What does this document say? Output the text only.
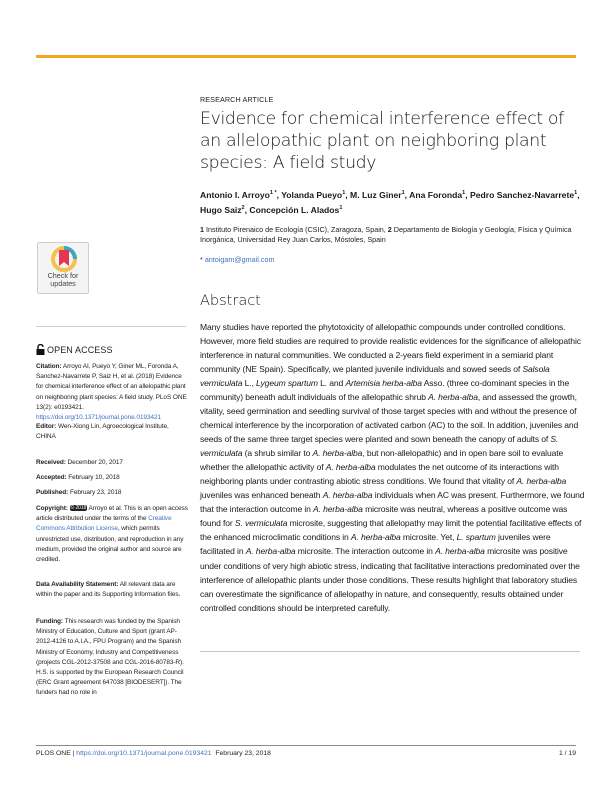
Check for
updates
OPEN ACCESS
Citation: Arroyo AI, Pueyo Y, Giner ML, Foronda A, Sanchez-Navarrete P, Saiz H, et al. (2018) Evidence for chemical interference effect of an allelopathic plant on neighboring plant species: A field study. PLoS ONE 13(2): e0193421. https://doi.org/10.1371/journal.pone.0193421
Editor: Wen-Xiong Lin, Agroecological Institute, CHINA
Received: December 20, 2017
Accepted: February 10, 2018
Published: February 23, 2018
Copyright: © 2018 Arroyo et al. This is an open access article distributed under the terms of the Creative Commons Attribution License, which permits unrestricted use, distribution, and reproduction in any medium, provided the original author and source are credited.
Data Availability Statement: All relevant data are within the paper and its Supporting Information files.
Funding: This research was funded by the Spanish Ministry of Education, Culture and Sport (grant AP-2012-4126 to A.I.A., FPU Program) and the Spanish Ministry of Economy, Industry and Competitiveness (projects CGL-2012-37508 and CGL-2016-80783-R). H.S. is supported by the European Research Council (ERC Grant agreement 647038 [BIODESERT]). The funders had no role in

RESEARCH ARTICLE

Evidence for chemical interference effect of an allelopathic plant on neighboring plant species: A field study
Antonio I. Arroyo$^1$ *, Yolanda Pueyo$^1$, M. Luz Giner$^1$, Ana Foronda$^1$, Pedro Sanchez-Navarrete$^1$, Hugo Saiz$^2$, Concepción L. Alados$^1$
1 Instituto Pirenaico de Ecología (CSIC), Zaragoza, Spain, 2 Departamento de Biología y Geología, Física y Química Inorgánica, Universidad Rey Juan Carlos, Móstoles, Spain
* antoigam@gmail.com
Abstract
Many studies have reported the phytotoxicity of allelopathic compounds under controlled conditions. However, more field studies are required to provide realistic evidences for the significance of allelopathic interference in natural communities. We conducted a 2-years field experiment in a semiarid plant community (NE Spain). Specifically, we planted juvenile individuals and sowed seeds of Salsola vermiculata L., Lygeum spartum L. and Artemisia herba-alba Asso. (three co-dominant species in the community) beneath adult individuals of the allelopathic shrub A. herba-alba, and assessed the growth, vitality, seed germination and seedling survival of those target species with and without the presence of chemical interference by the incorporation of activated carbon (AC) to the soil. In addition, juveniles and seeds of the same three target species were planted and sown beneath the canopy of adults of S. vermiculata (a shrub similar to A. herba-alba, but non-allelopathic) and in open bare soil to evaluate whether the allelopathic activity of A. herba-alba modulates the net outcome of its interactions with neighboring plants under contrasting abiotic stress conditions. We found that vitality of A. herba-alba juveniles was enhanced beneath A. herba-alba individuals when AC was present. Furthermore, we found that the interaction outcome in A. herba-alba microsite was neutral, whereas a positive outcome was found for S. vermiculata microsite, suggesting that allelopathy may limit the potential facilitative effects of the enhanced microclimatic conditions in A. herba-alba microsite. Yet, L. spartum juveniles were facilitated in A. herba-alba microsite. The interaction outcome in A. herba-alba microsite was positive under conditions of very high abiotic stress, indicating that facilitative interactions predominated over the interference of allelopathic plants under those conditions. These results highlight that laboratory studies can overestimate the significance of allelopathy in nature, and consequently, results obtained under controlled conditions should be interpreted carefully.
PLOS ONE | https://doi.org/10.1371/journal.pone.0193421 February 23, 2018	1 / 19
